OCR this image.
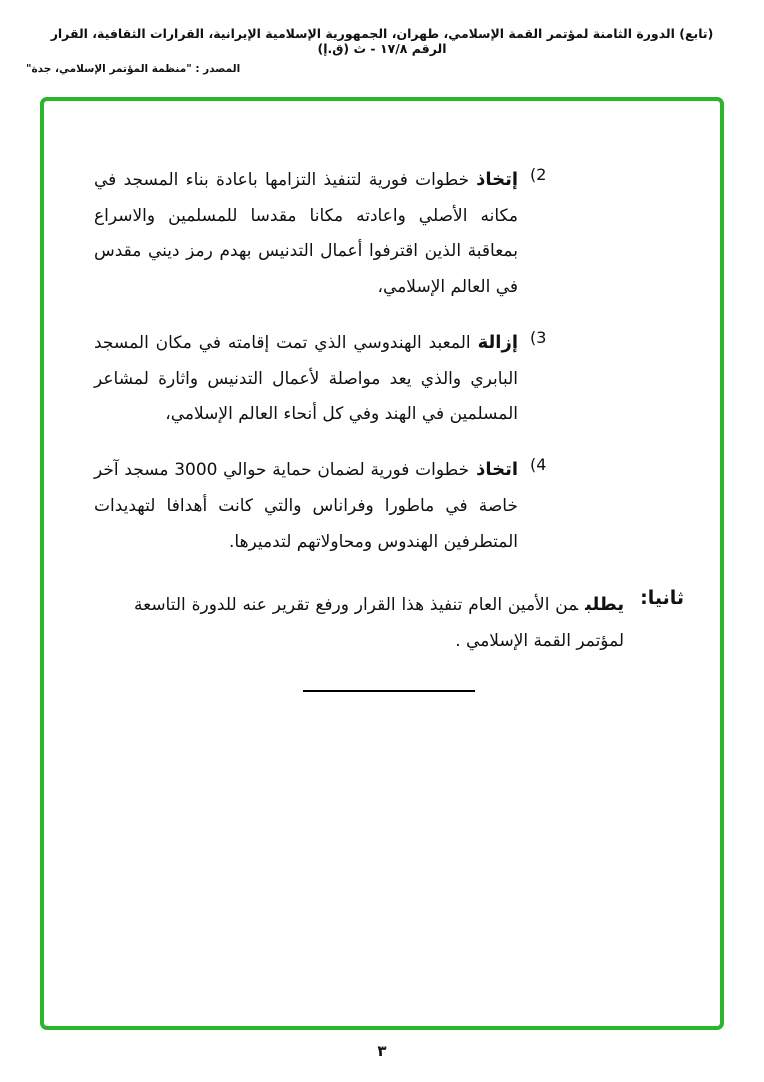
(تابع) الدورة الثامنة لمؤتمر القمة الإسلامي، طهران، الجمهورية الإسلامية الإيرانية، القرارات الثقافية، القرار الرقم ١٧/٨ - ث (ق.إ)
المصدر : "منظمة المؤتمر الإسلامي، جدة"
(2

إتخاذخطوات فورية لتنفيذ التزامها باعادة بناء المسجد في مكانه الأصلي واعادته مكانا مقدسا للمسلمين والاسراع بمعاقبة الذين اقترفوا أعمال التدنيس بهدم رمز ديني مقدس في العالم الإسلامي،

(3

إزالةالمعبد الهندوسي الذي تمت إقامته في مكان المسجد البابري والذي يعد مواصلة لأعمال التدنيس واثارة لمشاعر المسلمين في الهند وفي كل أنحاء العالم الإسلامي،

(4

اتخاذخطوات فورية لضمان حماية حوالي 3000 مسجد آخر خاصة في ماطورا وفراناس والتي كانت أهدافا لتهديدات المتطرفين الهندوس ومحاولاتهم لتدميرها.

ثانيا:

يطلبمن الأمين العام تنفيذ هذا القرار ورفع تقرير عنه للدورة التاسعة لمؤتمر القمة الإسلامي .

٣
